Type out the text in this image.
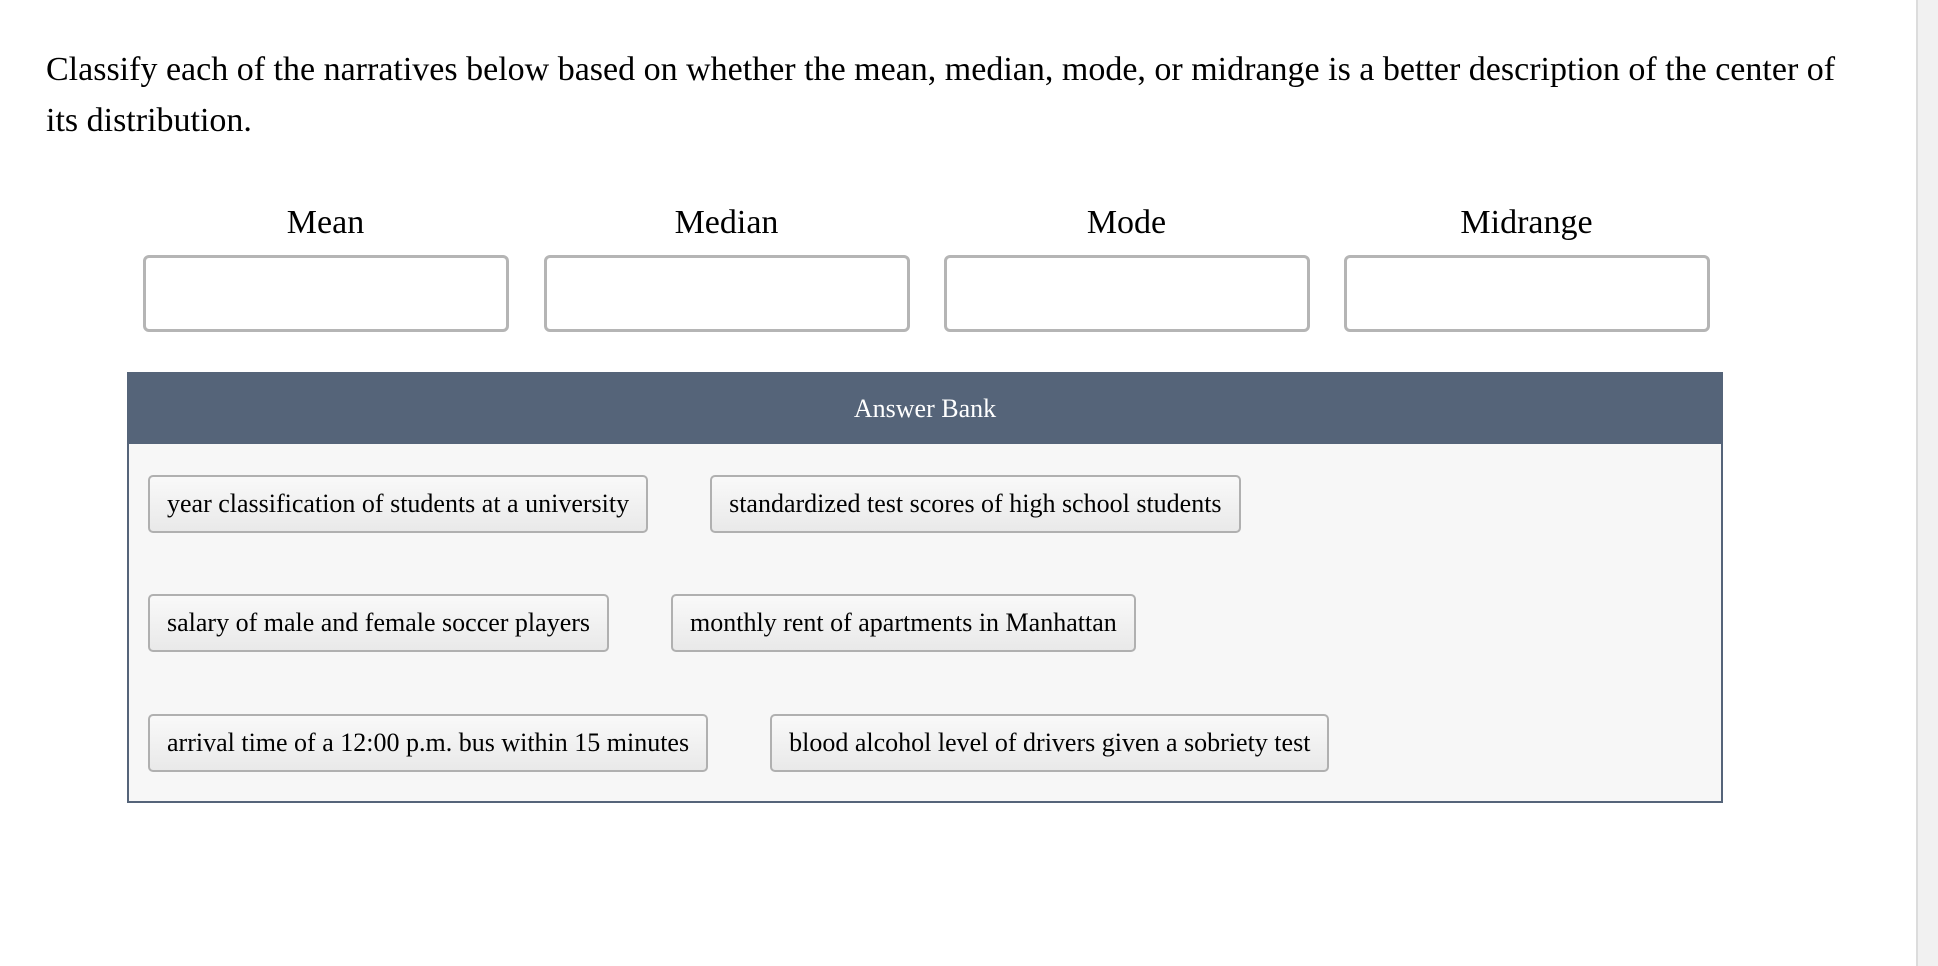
Classify each of the narratives below based on whether the mean, median, mode, or midrange is a better description of the center of its distribution.
Mean	Median	Mode	Midrange
Answer Bank
year classification of students at a university	standardized test scores of high school students
salary of male and female soccer players	monthly rent of apartments in Manhattan
arrival time of a 12:00 p.m. bus within 15 minutes	blood alcohol level of drivers given a sobriety test
